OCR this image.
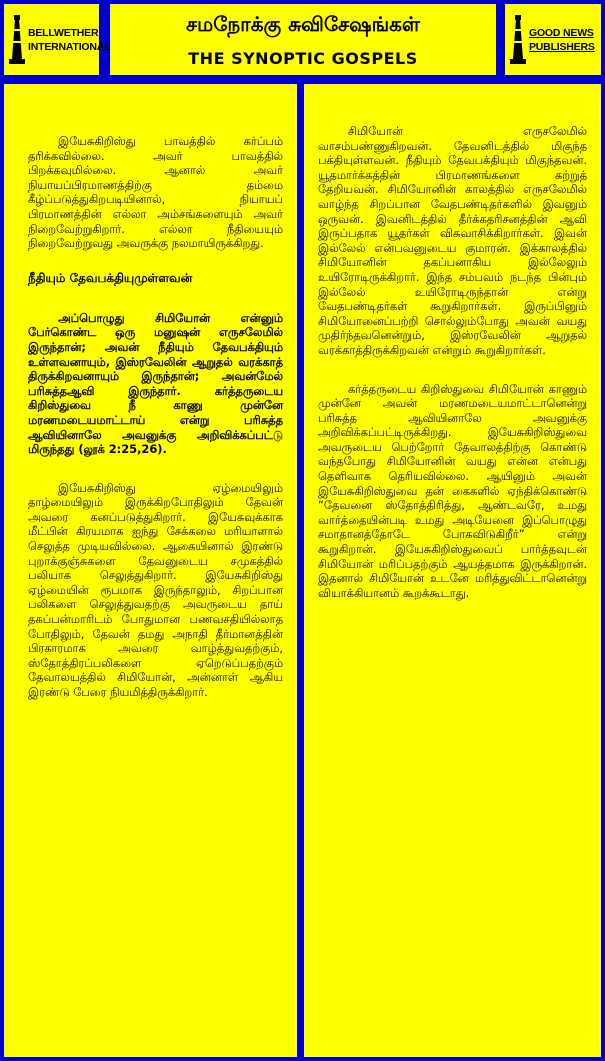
BELLWETHER
INTERNATIONAL
சமநோக்கு சுவிசேஷங்கள்
THE SYNOPTIC GOSPELS
GOOD NEWS
PUBLISHERS

இயேசுகிறிஸ்து பாவத்தில் கர்ப்பம் தரிக்கவில்லை. அவர் பாவத்தில் பிறக்கவுமில்லை. ஆனால் அவர் நியாயப்பிரமாணத்திற்கு தம்மை கீழ்ப்படுத்துகிறபடியினால், நியாயப் பிரமாணத்தின் எல்லா அம்சங்களையும் அவர் நிறைவேற்றுகிறார். எல்லா நீதியையும் நிறைவேற்றுவது அவருக்கு நலமாயிருக்கிறது.

நீதியும் தேவபக்தியுமுள்ளவன்

அப்பொழுது சிமியோன் என்னும் பேர்கொண்ட ஒரு மனுஷன் எருசலேமில் இருந்தான்; அவன் நீதியும் தேவபக்தியும் உள்ளவனாயும், இஸ்ரவேலின் ஆறுதல் வரக்காத் திருக்கிறவனாயும் இருந்தான்; அவன்மேல் பரிசுத்தஆவி இருந்தார். கர்த்தருடைய கிறிஸ்துவை நீ காணு முன்னே மரணமடையமாட்டாய் என்று பரிசுத்த ஆவியினாலே அவனுக்கு அறிவிக்கப்பட்டு மிருந்தது (லூக் 2:25,26).

இயேசுகிறிஸ்து ஏழ்மையிலும் தாழ்மையிலும் இருக்கிறபோதிலும் தேவன் அவரை கனப்படுத்துகிறார். இயேசுவுக்காக மீட்பின் கிரயமாக ஐந்து சேக்கலை மரியாளால் செலுத்த முடியவில்லை. ஆகையினால் இரண்டு புறாக்குஞ்சுகளை தேவனுடைய சமுகத்தில் பலியாக செலுத்துகிறார். இயேசுகிறிஸ்து ஏழ்மையின் ரூபமாக இருந்தாலும், சிறப்பான பலிகளை செலுத்துவதற்கு அவருடைய தாய் தகப்பன்மாரிடம் போதுமான பணவசதியில்லாத போதிலும், தேவன் தமது அநாதி தீர்மானத்தின் பிரகாரமாக அவரை வாழ்த்துவதற்கும், ஸ்தோத்திரப்பலிகளை ஏறெடுப்பதற்கும் தேவாலயத்தில் சிமியோன், அன்னாள் ஆகிய இரண்டு பேரை நியமித்திருக்கிறார்.

சிமியோன் எருசலேமில் வாசம்பண்ணுகிறவன். தேவனிடத்தில் மிகுந்த பக்தியுள்ளவன். நீதியும் தேவபக்தியும் மிகுந்தவன். யூதமார்க்கத்தின் பிரமாணங்களை கற்றுத் தேறியவன். சிமியோனின் காலத்தில் எருசலேமில் வாழ்ந்த சிறப்பான வேதபண்டிதர்களில் இவனும் ஒருவன். இவனிடத்தில் தீர்க்கதரிசனத்தின் ஆவி இருப்பதாக யூதர்கள் விசுவாசிக்கிறார்கள். இவன் இல்லேல் என்பவனுடைய குமாரன். இக்காலத்தில் சிமியோனின் தகப்பனாகிய இல்லேலும் உயிரோடிருக்கிறார். இந்த சம்பவம் நடந்த பின்பும் இல்லேல் உயிரோடிருந்தான் என்று வேதபண்டிதர்கள் கூறுகிறார்கள். இருப்பினும் சிமியோனைப்பற்றி சொல்லும்போது அவன் வயது முதிர்ந்தவனென்றும், இஸ்ரவேலின் ஆறுதல் வரக்காத்திருக்கிறவன் என்றும் கூறுகிறார்கள்.

கர்த்தருடைய கிறிஸ்துவை சிமியோன் காணும் முன்னே அவன் மரணமடையமாட்டானென்று பரிசுத்த ஆவியினாலே அவனுக்கு அறிவிக்கப்பட்டிருக்கிறது. இயேசுகிறிஸ்துவை அவருடைய பெற்றோர் தேவாலத்திற்கு கொண்டு வந்தபோது சிமியோனின் வயது என்ன என்பது தெளிவாக தெரியவில்லை. ஆயினும் அவன் இயேசுகிறிஸ்துவை தன் கைகளில் ஏந்திக்கொண்டு “தேவனை ஸ்தோத்திரித்து, ஆண்டவரே, உமது வார்த்தையின்படி உமது அடியேனை இப்பொழுது சமாதானத்தோடே போகவிடுகிறீர்” என்று கூறுகிறான். இயேசுகிறிஸ்துவைப் பார்த்தவுடன் சிமியோன் மரிப்பதற்கும் ஆயத்தமாக இருக்கிறான். இதனால் சிமியோன் உடனே மரித்துவிட்டானென்று வியாக்கியானம் கூறக்கூடாது.
